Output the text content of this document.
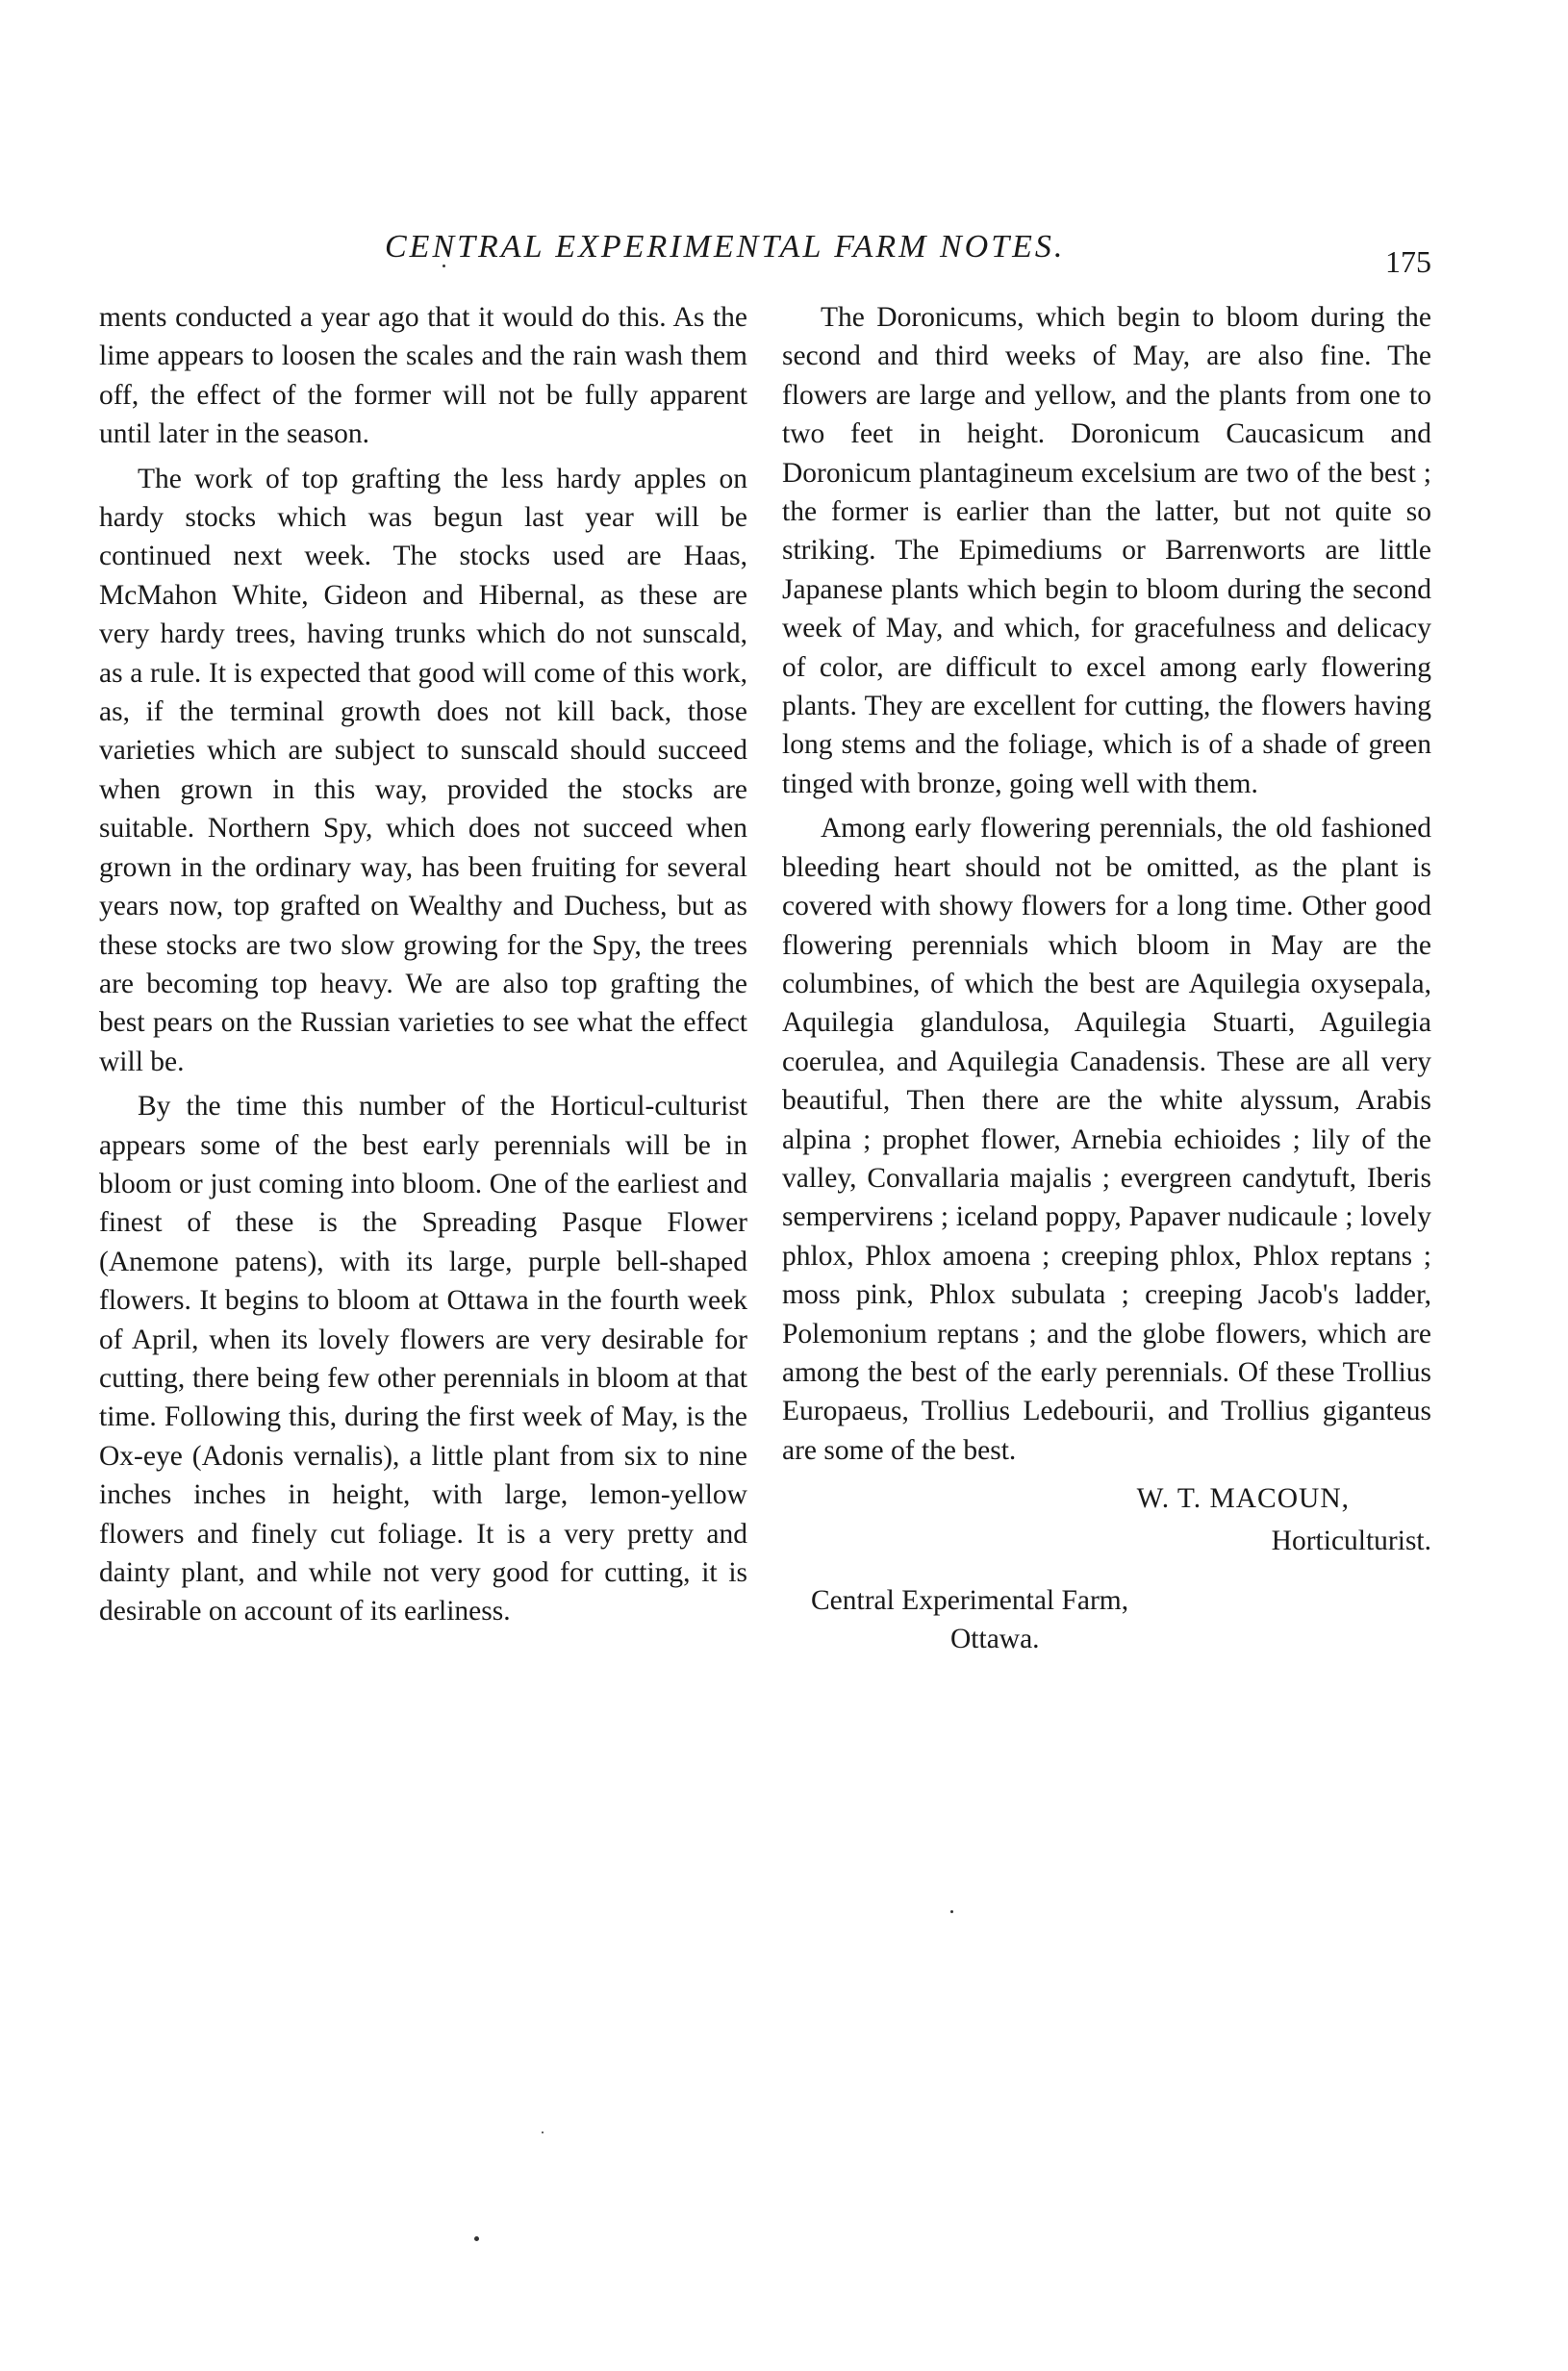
CENTRAL EXPERIMENTAL FARM NOTES.	175

ments conducted a year ago that it would do this. As the lime appears to loosen the scales and the rain wash them off, the effect of the former will not be fully apparent until later in the season.

The work of top grafting the less hardy apples on hardy stocks which was begun last year will be continued next week. The stocks used are Haas, McMahon White, Gideon and Hibernal, as these are very hardy trees, having trunks which do not sunscald, as a rule. It is expected that good will come of this work, as, if the terminal growth does not kill back, those varieties which are subject to sunscald should succeed when grown in this way, provided the stocks are suitable. Northern Spy, which does not succeed when grown in the ordinary way, has been fruiting for several years now, top grafted on Wealthy and Duchess, but as these stocks are two slow growing for the Spy, the trees are becoming top heavy. We are also top grafting the best pears on the Russian varieties to see what the effect will be.

By the time this number of the Horticul-culturist appears some of the best early perennials will be in bloom or just coming into bloom. One of the earliest and finest of these is the Spreading Pasque Flower (Anemone patens), with its large, purple bell-shaped flowers. It begins to bloom at Ottawa in the fourth week of April, when its lovely flowers are very desirable for cutting, there being few other perennials in bloom at that time. Following this, during the first week of May, is the Ox-eye (Adonis vernalis), a little plant from six to nine inches inches in height, with large, lemon-yellow flowers and finely cut foliage. It is a very pretty and dainty plant, and while not very good for cutting, it is desirable on account of its earliness.

The Doronicums, which begin to bloom during the second and third weeks of May, are also fine. The flowers are large and yellow, and the plants from one to two feet in height. Doronicum Caucasicum and Doronicum plantagineum excelsium are two of the best ; the former is earlier than the latter, but not quite so striking. The Epimediums or Barrenworts are little Japanese plants which begin to bloom during the second week of May, and which, for gracefulness and delicacy of color, are difficult to excel among early flowering plants. They are excellent for cutting, the flowers having long stems and the foliage, which is of a shade of green tinged with bronze, going well with them.

Among early flowering perennials, the old fashioned bleeding heart should not be omitted, as the plant is covered with showy flowers for a long time. Other good flowering perennials which bloom in May are the columbines, of which the best are Aquilegia oxysepala, Aquilegia glandulosa, Aquilegia Stuarti, Aguilegia coerulea, and Aquilegia Canadensis. These are all very beautiful, Then there are the white alyssum, Arabis alpina ; prophet flower, Arnebia echioides ; lily of the valley, Convallaria majalis ; evergreen candytuft, Iberis sempervirens ; iceland poppy, Papaver nudicaule ; lovely phlox, Phlox amoena ; creeping phlox, Phlox reptans ; moss pink, Phlox subulata ; creeping Jacob's ladder, Polemonium reptans ; and the globe flowers, which are among the best of the early perennials. Of these Trollius Europaeus, Trollius Ledebourii, and Trollius giganteus are some of the best.

W. T. MACOUN,
Horticulturist.
Central Experimental Farm,
Ottawa.
